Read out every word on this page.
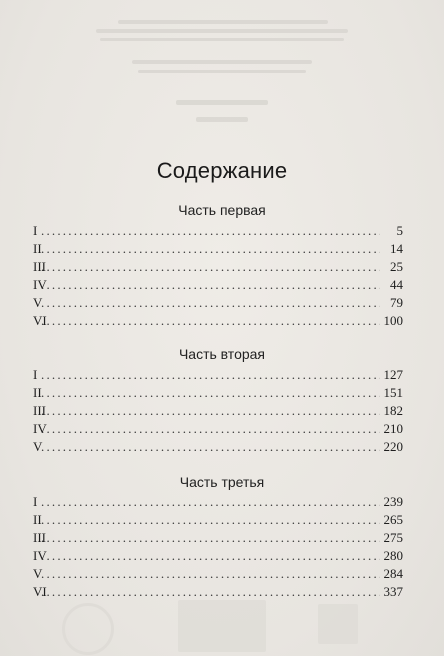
Содержание
Часть первая
I .....	5
II .....	14
III .....	25
IV .....	44
V .....	79
VI .....	100
Часть вторая
I .....	127
II .....	151
III .....	182
IV .....	210
V .....	220
Часть третья
I .....	239
II .....	265
III .....	275
IV .....	280
V .....	284
VI .....	337
